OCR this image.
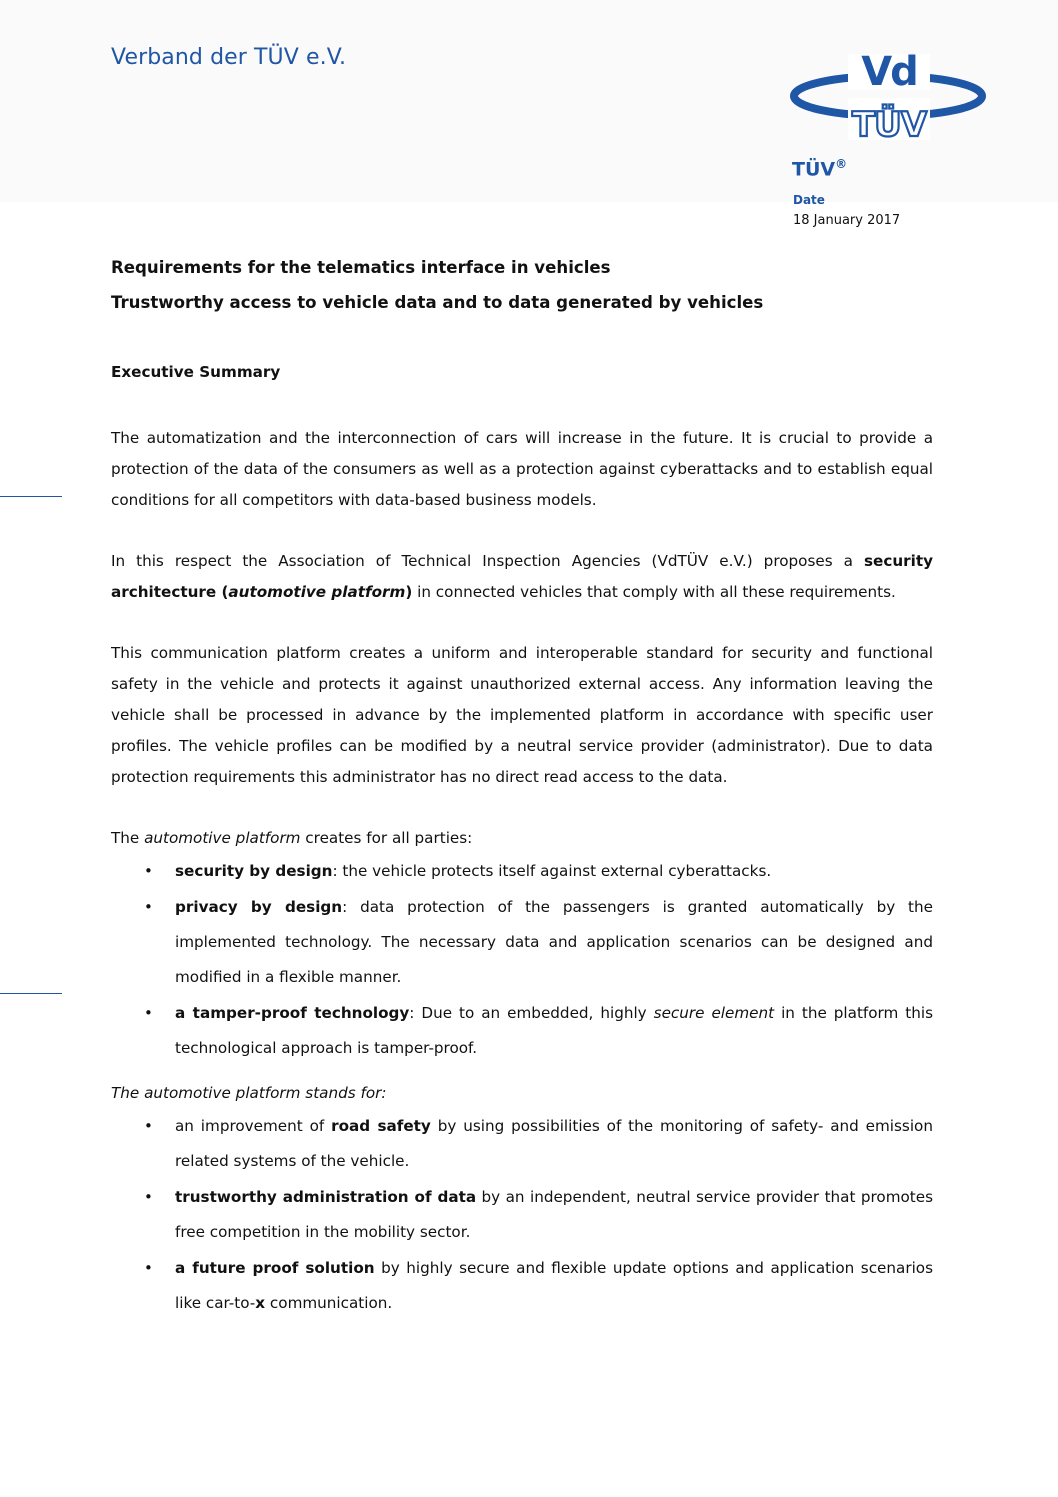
Verband der TÜV e.V.	Vd
TÜV
TÜV®
Date
18 January 2017
Requirements for the telematics interface in vehicles
Trustworthy access to vehicle data and to data generated by vehicles
Executive Summary

The automatization and the interconnection of cars will increase in the future. It is crucial to provide a protection of the data of the consumers as well as a protection against cyberattacks and to establish equal conditions for all competitors with data-based business models.

In this respect the Association of Technical Inspection Agencies (VdTÜV e.V.) proposes a security architecture (automotive platform) in connected vehicles that comply with all these requirements.

This communication platform creates a uniform and interoperable standard for security and functional safety in the vehicle and protects it against unauthorized external access. Any information leaving the vehicle shall be processed in advance by the implemented platform in accordance with specific user profiles. The vehicle profiles can be modified by a neutral service provider (administrator). Due to data protection requirements this administrator has no direct read access to the data.

The automotive platform creates for all parties:

• security by design: the vehicle protects itself against external cyberattacks.
• privacy by design: data protection of the passengers is granted automatically by the implemented technology. The necessary data and application scenarios can be designed and modified in a flexible manner.
• a tamper-proof technology: Due to an embedded, highly secure element in the platform this technological approach is tamper-proof.

The automotive platform stands for:

• an improvement of road safety by using possibilities of the monitoring of safety- and emission related systems of the vehicle.
• trustworthy administration of data by an independent, neutral service provider that promotes free competition in the mobility sector.
• a future proof solution by highly secure and flexible update options and application scenarios like car-to-x communication.
